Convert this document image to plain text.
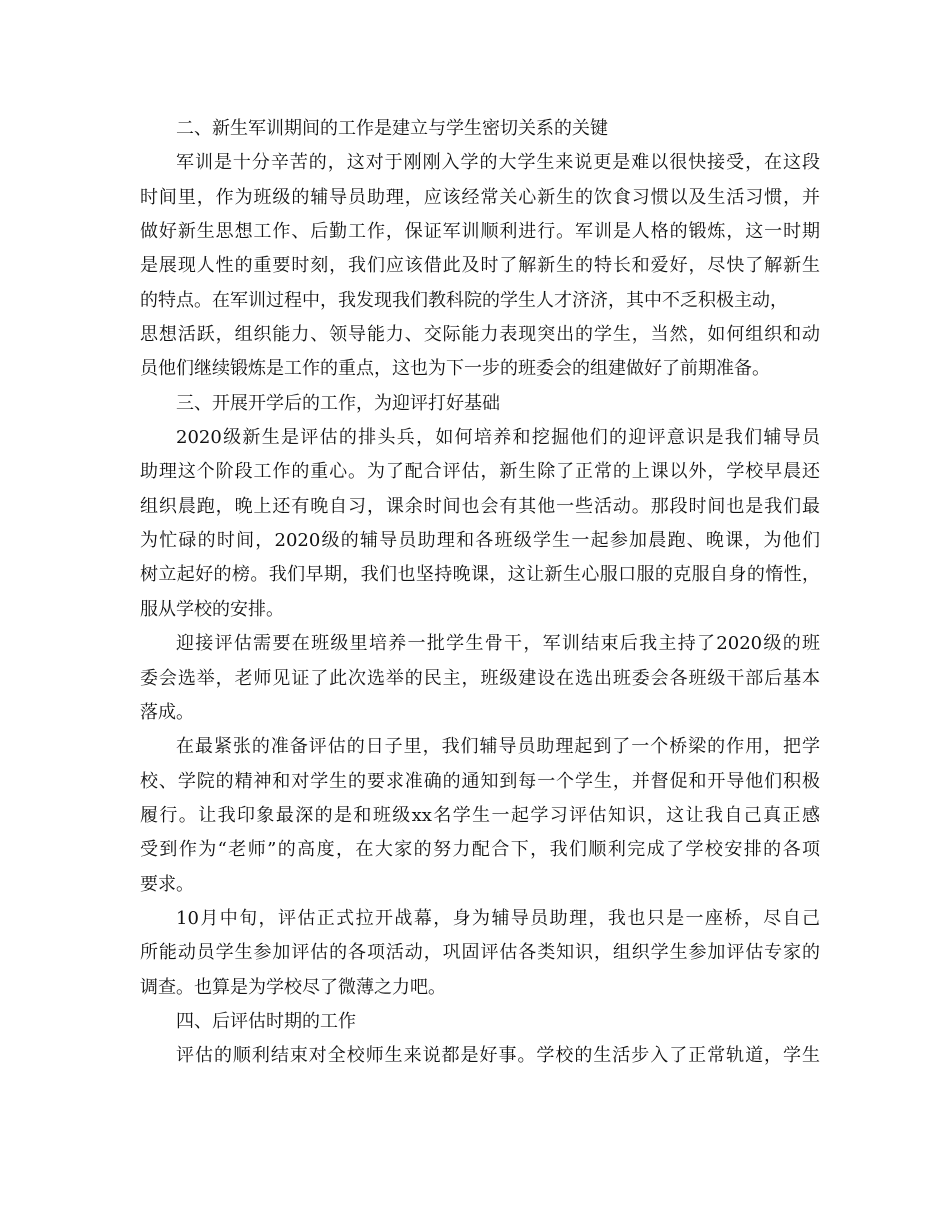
二、新生军训期间的工作是建立与学生密切关系的关键
军训是十分辛苦的，这对于刚刚入学的大学生来说更是难以很快接受，在这段
时间里，作为班级的辅导员助理，应该经常关心新生的饮食习惯以及生活习惯，并
做好新生思想工作、后勤工作，保证军训顺利进行。军训是人格的锻炼，这一时期
是展现人性的重要时刻，我们应该借此及时了解新生的特长和爱好，尽快了解新生
的特点。在军训过程中，我发现我们教科院的学生人才济济，其中不乏积极主动，
思想活跃，组织能力、领导能力、交际能力表现突出的学生，当然，如何组织和动
员他们继续锻炼是工作的重点，这也为下一步的班委会的组建做好了前期准备。
三、开展开学后的工作，为迎评打好基础
2020级新生是评估的排头兵，如何培养和挖掘他们的迎评意识是我们辅导员
助理这个阶段工作的重心。为了配合评估，新生除了正常的上课以外，学校早晨还
组织晨跑，晚上还有晚自习，课余时间也会有其他一些活动。那段时间也是我们最
为忙碌的时间，2020级的辅导员助理和各班级学生一起参加晨跑、晚课，为他们
树立起好的榜。我们早期，我们也坚持晚课，这让新生心服口服的克服自身的惰性，
服从学校的安排。
迎接评估需要在班级里培养一批学生骨干，军训结束后我主持了2020级的班
委会选举，老师见证了此次选举的民主，班级建设在选出班委会各班级干部后基本
落成。
在最紧张的准备评估的日子里，我们辅导员助理起到了一个桥梁的作用，把学
校、学院的精神和对学生的要求准确的通知到每一个学生，并督促和开导他们积极
履行。让我印象最深的是和班级xx名学生一起学习评估知识，这让我自己真正感
受到作为“老师”的高度，在大家的努力配合下，我们顺利完成了学校安排的各项
要求。
10月中旬，评估正式拉开战幕，身为辅导员助理，我也只是一座桥，尽自己
所能动员学生参加评估的各项活动，巩固评估各类知识，组织学生参加评估专家的
调查。也算是为学校尽了微薄之力吧。
四、后评估时期的工作
评估的顺利结束对全校师生来说都是好事。学校的生活步入了正常轨道，学生
